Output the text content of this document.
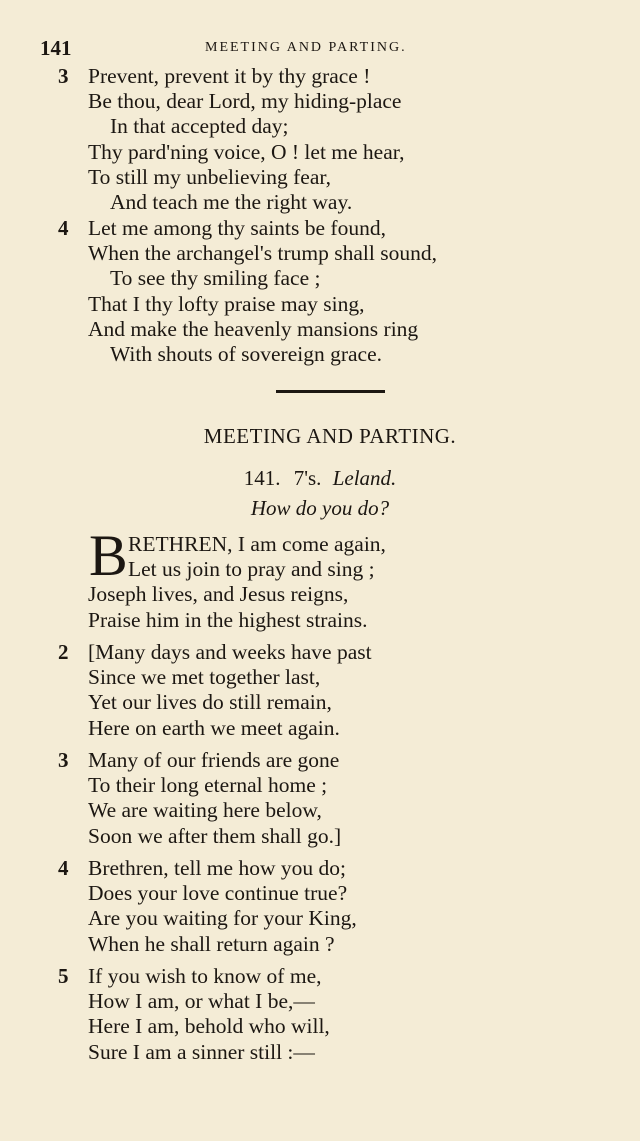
141	MEETING AND PARTING.
3 Prevent, prevent it by thy grace !
Be thou, dear Lord, my hiding-place
In that accepted day;
Thy pard'ning voice, O ! let me hear,
To still my unbelieving fear,
And teach me the right way.
4 Let me among thy saints be found,
When the archangel's trump shall sound,
To see thy smiling face ;
That I thy lofty praise may sing,
And make the heavenly mansions ring
With shouts of sovereign grace.
MEETING AND PARTING.
141. 7's. Leland.
How do you do?
B RETHREN, I am come again,
Let us join to pray and sing ;
Joseph lives, and Jesus reigns,
Praise him in the highest strains.
2 [Many days and weeks have past
Since we met together last,
Yet our lives do still remain,
Here on earth we meet again.
3 Many of our friends are gone
To their long eternal home ;
We are waiting here below,
Soon we after them shall go.]
4 Brethren, tell me how you do;
Does your love continue true?
Are you waiting for your King,
When he shall return again ?
5 If you wish to know of me,
How I am, or what I be,—
Here I am, behold who will,
Sure I am a sinner still :—
